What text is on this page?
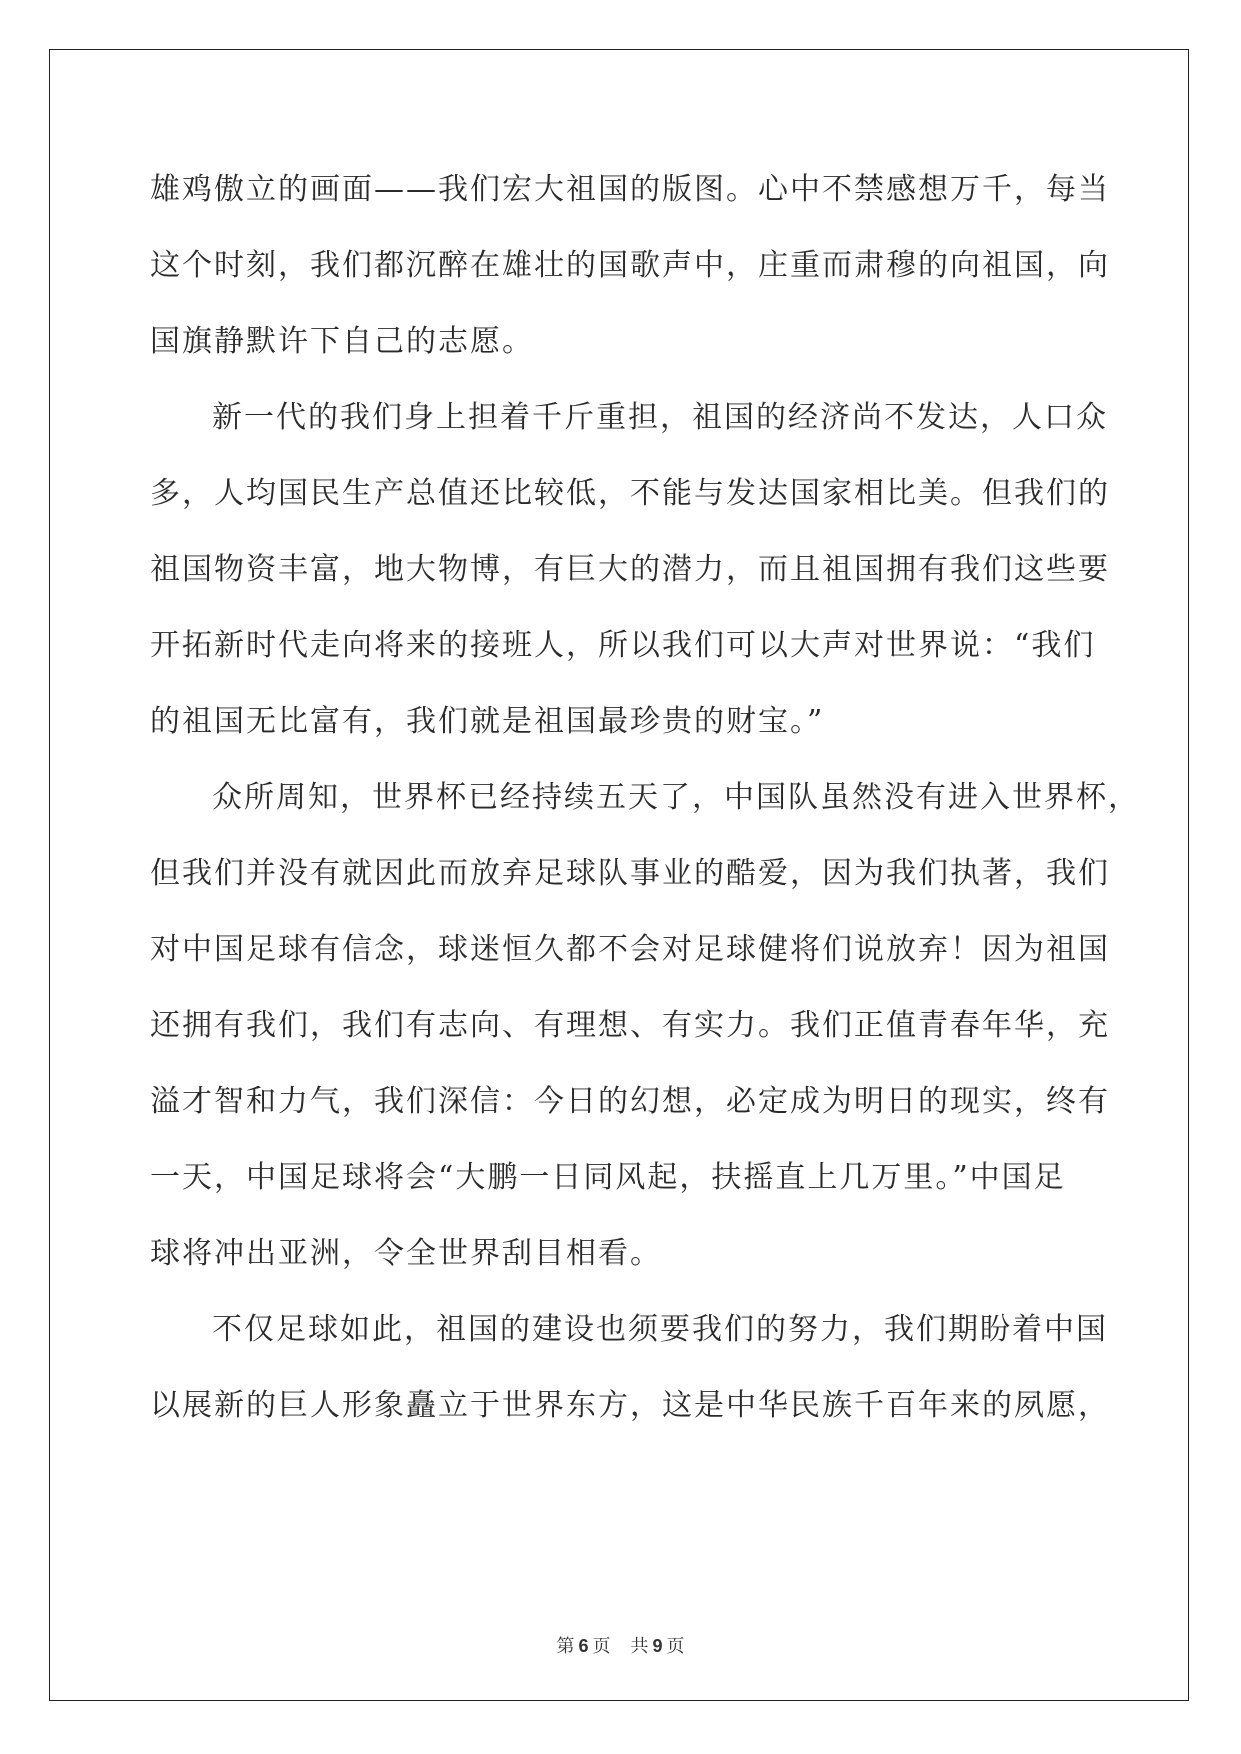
雄鸡傲立的画面——我们宏大祖国的版图。心中不禁感想万千，每当
这个时刻，我们都沉醉在雄壮的国歌声中，庄重而肃穆的向祖国，向
国旗静默许下自己的志愿。
新一代的我们身上担着千斤重担，祖国的经济尚不发达，人口众
多，人均国民生产总值还比较低，不能与发达国家相比美。但我们的
祖国物资丰富，地大物博，有巨大的潜力，而且祖国拥有我们这些要
开拓新时代走向将来的接班人，所以我们可以大声对世界说：“我们
的祖国无比富有，我们就是祖国最珍贵的财宝。”
众所周知，世界杯已经持续五天了，中国队虽然没有进入世界杯，
但我们并没有就因此而放弃足球队事业的酷爱，因为我们执著，我们
对中国足球有信念，球迷恒久都不会对足球健将们说放弃！因为祖国
还拥有我们，我们有志向、有理想、有实力。我们正值青春年华，充
溢才智和力气，我们深信：今日的幻想，必定成为明日的现实，终有
一天，中国足球将会“大鹏一日同风起，扶摇直上几万里。”中国足
球将冲出亚洲，令全世界刮目相看。
不仅足球如此，祖国的建设也须要我们的努力，我们期盼着中国
以展新的巨人形象矗立于世界东方，这是中华民族千百年来的夙愿，
第 6 页 共 9 页
